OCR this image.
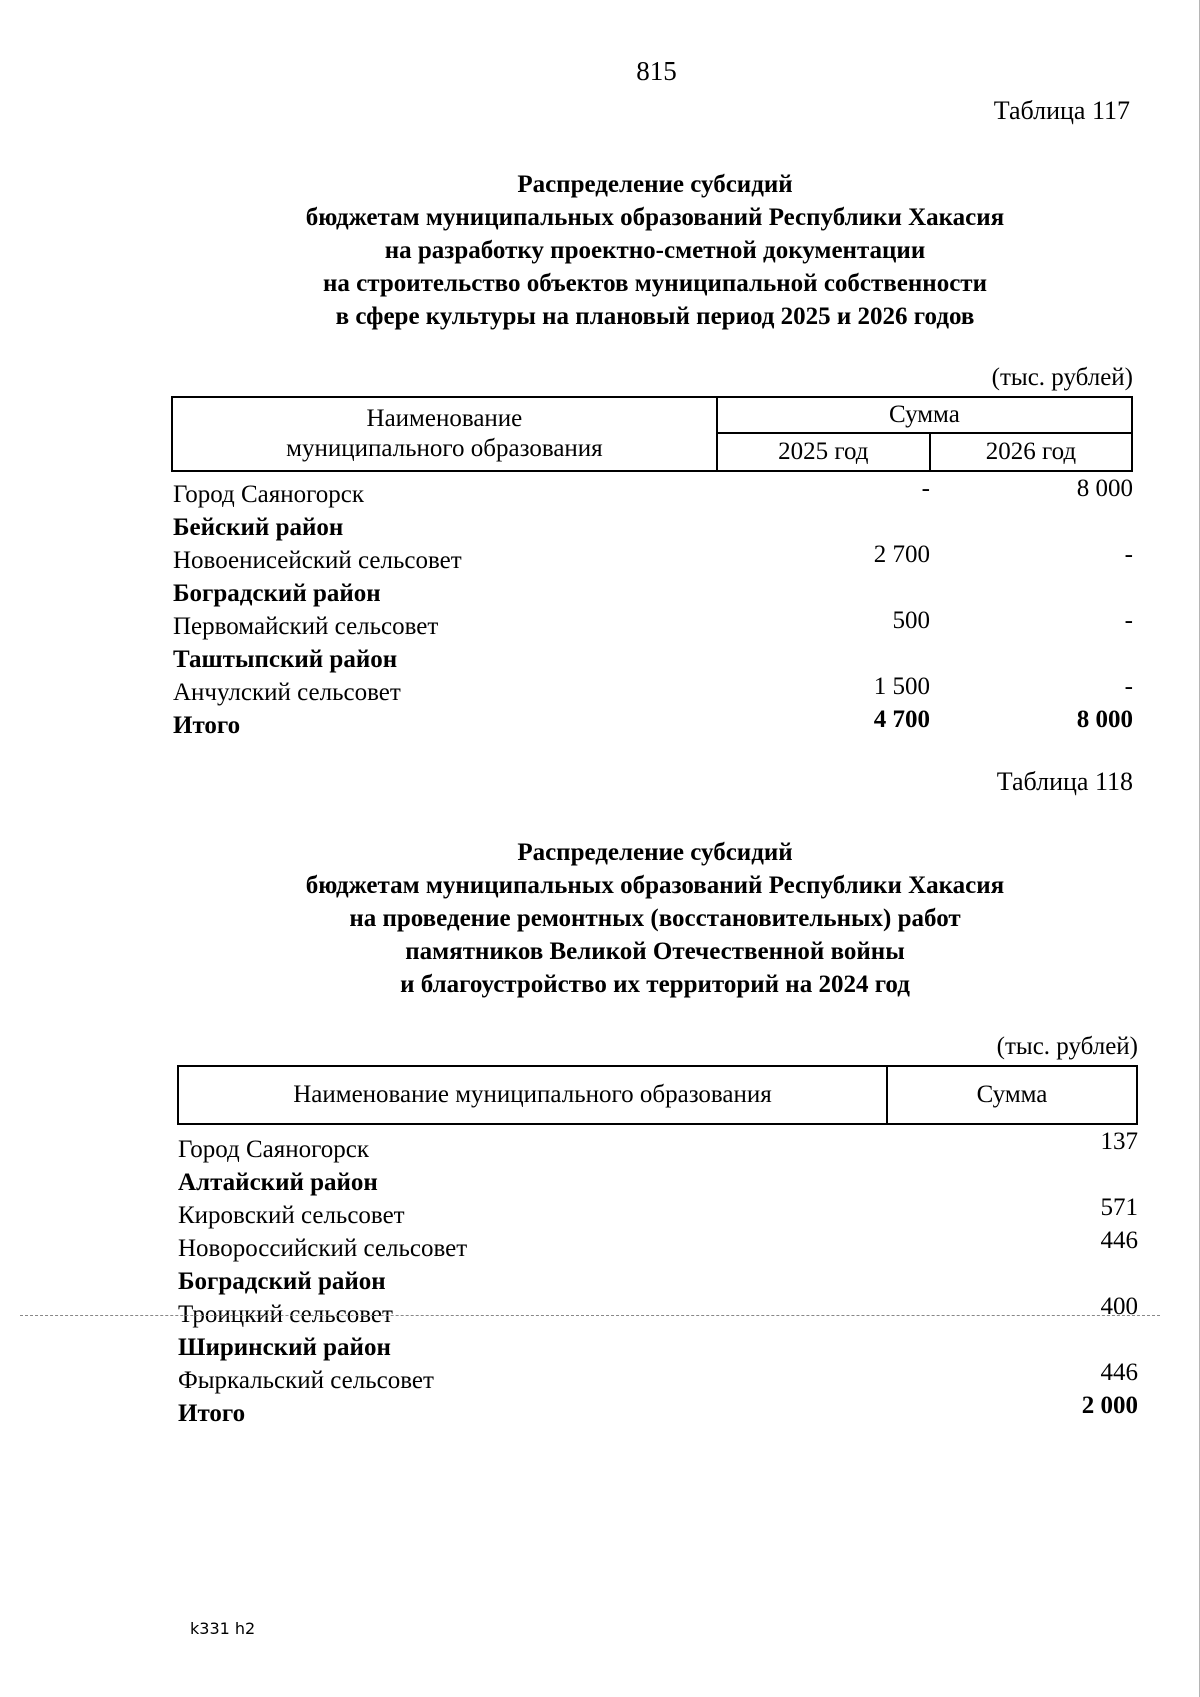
815
Таблица 117
Распределение субсидий
бюджетам муниципальных образований Республики Хакасия
на разработку проектно-сметной документации
на строительство объектов муниципальной собственности
в сфере культуры на плановый период 2025 и 2026 годов
(тыс. рублей)
Наименование
муниципального образования	Сумма	
	2025 год	2026 год
Город Саяногорск	-	8 000
Бейский район
Новоенисейский сельсовет	2 700	-
Боградский район
Первомайский сельсовет	500	-
Таштыпский район
Анчулский сельсовет	1 500	-
Итого	4 700	8 000
Таблица 118
Распределение субсидий
бюджетам муниципальных образований Республики Хакасия
на проведение ремонтных (восстановительных) работ
памятников Великой Отечественной войны
и благоустройство их территорий на 2024 год
(тыс. рублей)
Наименование муниципального образования	Сумма
Город Саяногорск	137
Алтайский район
Кировский сельсовет	571
Новороссийский сельсовет	446
Боградский район
Троицкий сельсовет	400
Ширинский район
Фыркальский сельсовет	446
Итого	2 000
k331 h2
